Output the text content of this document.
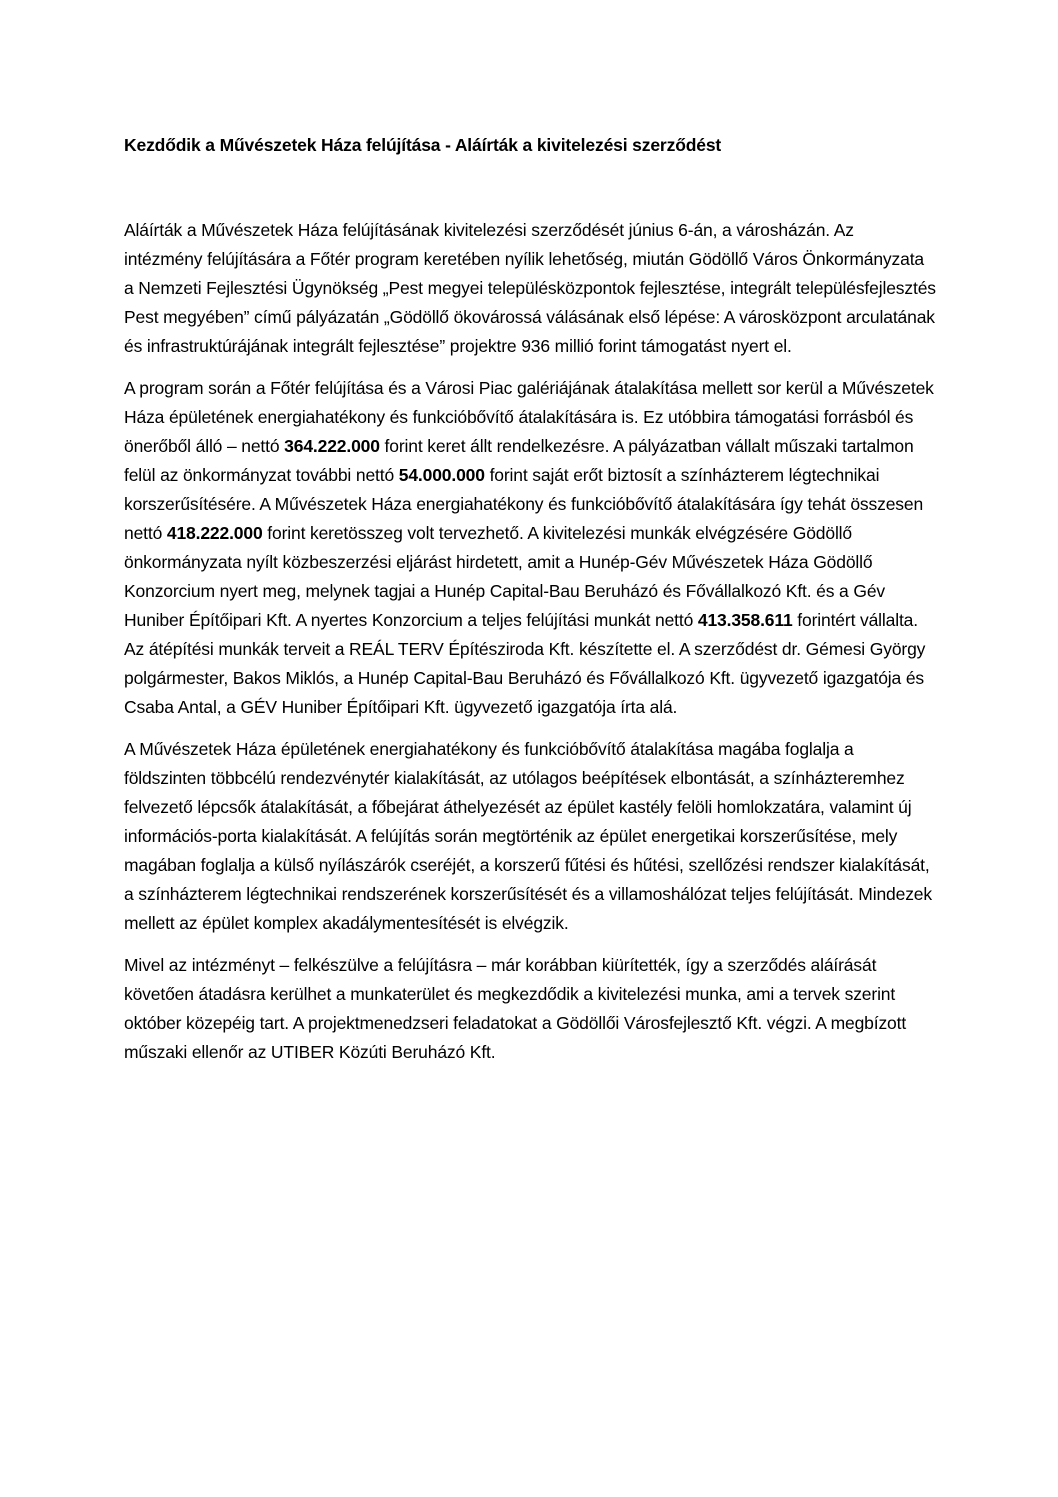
Kezdődik a Művészetek Háza felújítása - Aláírták a kivitelezési szerződést

Aláírták a Művészetek Háza felújításának kivitelezési szerződését június 6-án, a városházán. Az intézmény felújítására a Főtér program keretében nyílik lehetőség, miután Gödöllő Város Önkormányzata a Nemzeti Fejlesztési Ügynökség „Pest megyei településközpontok fejlesztése, integrált településfejlesztés Pest megyében” című pályázatán „Gödöllő ökovárossá válásának első lépése: A városközpont arculatának és infrastruktúrájának integrált fejlesztése” projektre 936 millió forint támogatást nyert el.

A program során a Főtér felújítása és a Városi Piac galériájának átalakítása mellett sor kerül a Művészetek Háza épületének energiahatékony és funkcióbővítő átalakítására is. Ez utóbbira támogatási forrásból és önerőből álló – nettó 364.222.000 forint keret állt rendelkezésre. A pályázatban vállalt műszaki tartalmon felül az önkormányzat további nettó 54.000.000 forint saját erőt biztosít a színházterem légtechnikai korszerűsítésére. A Művészetek Háza energiahatékony és funkcióbővítő átalakítására így tehát összesen nettó 418.222.000 forint keretösszeg volt tervezhető. A kivitelezési munkák elvégzésére Gödöllő önkormányzata nyílt közbeszerzési eljárást hirdetett, amit a Hunép-Gév Művészetek Háza Gödöllő Konzorcium nyert meg, melynek tagjai a Hunép Capital-Bau Beruházó és Fővállalkozó Kft. és a Gév Huniber Építőipari Kft. A nyertes Konzorcium a teljes felújítási munkát nettó 413.358.611 forintért vállalta. Az átépítési munkák terveit a REÁL TERV Építésziroda Kft. készítette el. A szerződést dr. Gémesi György polgármester, Bakos Miklós, a Hunép Capital-Bau Beruházó és Fővállalkozó Kft. ügyvezető igazgatója és Csaba Antal, a GÉV Huniber Építőipari Kft. ügyvezető igazgatója írta alá.

A Művészetek Háza épületének energiahatékony és funkcióbővítő átalakítása magába foglalja a földszinten többcélú rendezvénytér kialakítását, az utólagos beépítések elbontását, a színházteremhez felvezető lépcsők átalakítását, a főbejárat áthelyezését az épület kastély felöli homlokzatára, valamint új információs-porta kialakítását. A felújítás során megtörténik az épület energetikai korszerűsítése, mely magában foglalja a külső nyílászárók cseréjét, a korszerű fűtési és hűtési, szellőzési rendszer kialakítását, a színházterem légtechnikai rendszerének korszerűsítését és a villamoshálózat teljes felújítását. Mindezek mellett az épület komplex akadálymentesítését is elvégzik.

Mivel az intézményt – felkészülve a felújításra – már korábban kiürítették, így a szerződés aláírását követően átadásra kerülhet a munkaterület és megkezdődik a kivitelezési munka, ami a tervek szerint október közepéig tart. A projektmenedzseri feladatokat a Gödöllői Városfejlesztő Kft. végzi. A megbízott műszaki ellenőr az UTIBER Közúti Beruházó Kft.
